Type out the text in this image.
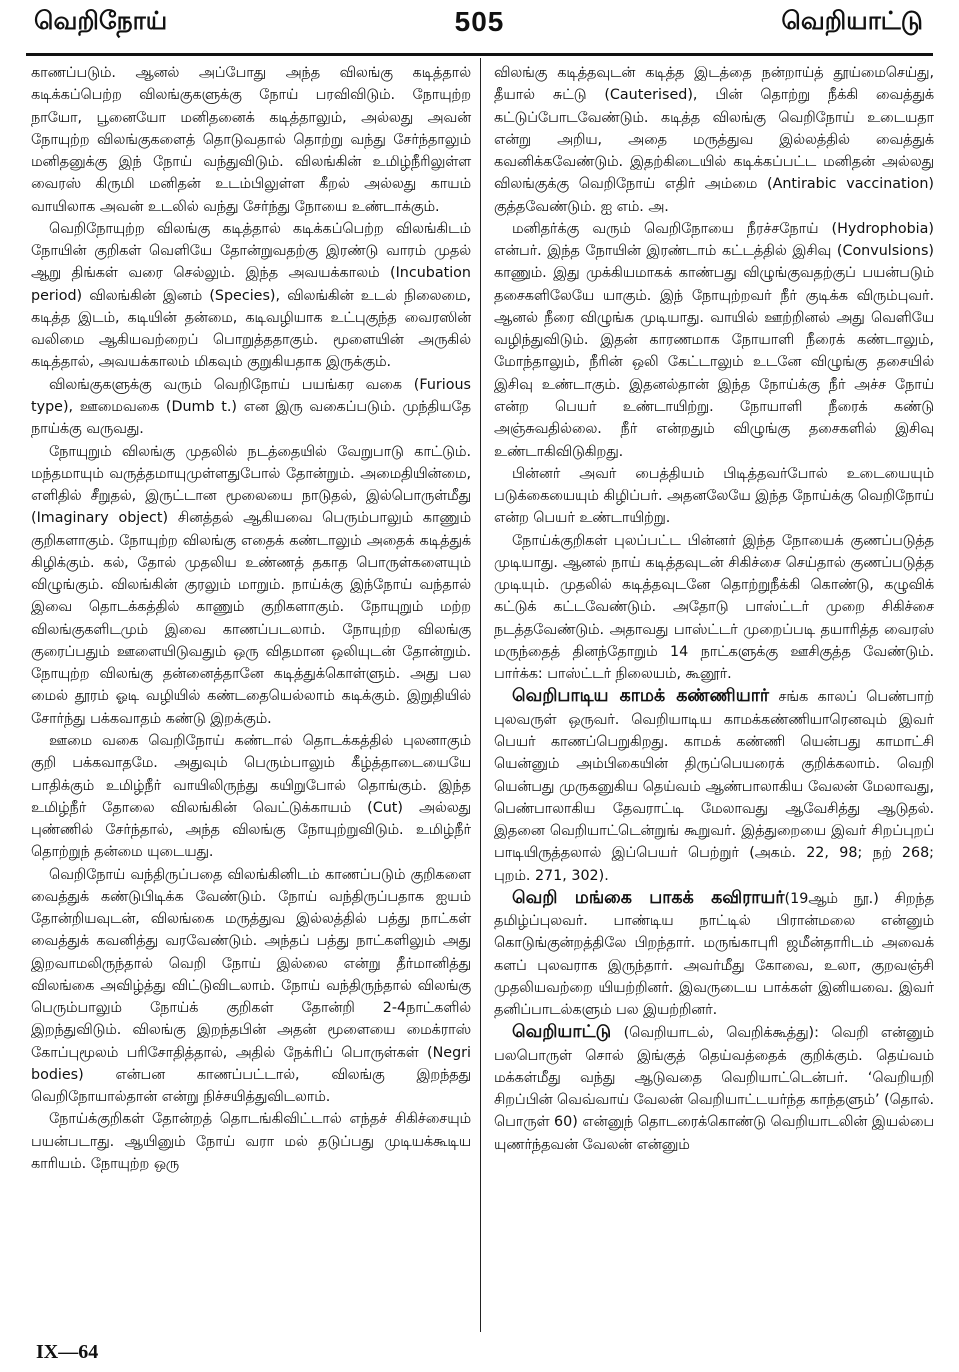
வெறிநோய்	505	வெறியாட்டு

காணப்படும். ஆனல் அப்போது அந்த விலங்கு கடித்தால் கடிக்கப்பெற்ற விலங்குகளுக்கு நோய் பரவிவிடும். நோயுற்ற நாயோ, பூனையோ மனிதனைக் கடித்தாலும், அல்லது அவன் நோயுற்ற விலங்குகளைத் தொடுவதால் தொற்று வந்து சேர்ந்தாலும் மனிதனுக்கு இந் நோய் வந்துவிடும். விலங்கின் உமிழ்நீரிலுள்ள வைரஸ் கிருமி மனிதன் உடம்பிலுள்ள கீறல் அல்லது காயம் வாயிலாக அவன் உடலில் வந்து சேர்ந்து நோயை உண்டாக்கும்.

வெறிநோயுற்ற விலங்கு கடித்தால் கடிக்கப்பெற்ற விலங்கிடம் நோயின் குறிகள் வெளியே தோன்றுவதற்கு இரண்டு வாரம் முதல் ஆறு திங்கள் வரை செல்லும். இந்த அவயக்காலம் (Incubation period) விலங்கின் இனம் (Species), விலங்கின் உடல் நிலைமை, கடித்த இடம், கடியின் தன்மை, கடிவழியாக உட்புகுந்த வைரஸின் வலிமை ஆகியவற்றைப் பொறுத்ததாகும். மூளையின் அருகில் கடித்தால், அவயக்காலம் மிகவும் குறுகியதாக இருக்கும்.

விலங்குகளுக்கு வரும் வெறிநோய் பயங்கர வகை (Furious type), ஊமைவகை (Dumb t.) என இரு வகைப்படும். முந்தியதே நாய்க்கு வருவது.

நோயுறும் விலங்கு முதலில் நடத்தையில் வேறுபாடு காட்டும். மந்தமாயும் வருத்தமாயுமுள்ளதுபோல் தோன்றும். அமைதியின்மை, எளிதில் சீறுதல், இருட்டான மூலையை நாடுதல், இல்பொருள்மீது (Imaginary object) சினத்தல் ஆகியவை பெரும்பாலும் காணும் குறிகளாகும். நோயுற்ற விலங்கு எதைக் கண்டாலும் அதைக் கடித்துக் கிழிக்கும். கல், தோல் முதலிய உண்ணத் தகாத பொருள்களையும் விழுங்கும். விலங்கின் குரலும் மாறும். நாய்க்கு இந்நோய் வந்தால் இவை தொடக்கத்தில் காணும் குறிகளாகும். நோயுறும் மற்ற விலங்குகளிடமும் இவை காணப்படலாம். நோயுற்ற விலங்கு குரைப்பதும் ஊளையிடுவதும் ஒரு விதமான ஒலியுடன் தோன்றும். நோயுற்ற விலங்கு தன்னைத்தானே கடித்துக்கொள்ளும். அது பல மைல் தூரம் ஓடி வழியில் கண்டதையெல்லாம் கடிக்கும். இறுதியில் சோர்ந்து பக்கவாதம் கண்டு இறக்கும்.

ஊமை வகை வெறிநோய் கண்டால் தொடக்கத்தில் புலனாகும் குறி பக்கவாதமே. அதுவும் பெரும்பாலும் கீழ்த்தாடையையே பாதிக்கும் உமிழ்நீர் வாயிலிருந்து கயிறுபோல் தொங்கும். இந்த உமிழ்நீர் தோலை விலங்கின் வெட்டுக்காயம் (Cut) அல்லது புண்ணில் சேர்ந்தால், அந்த விலங்கு நோயுற்றுவிடும். உமிழ்நீர் தொற்றுந் தன்மை யுடையது.

வெறிநோய் வந்திருப்பதை விலங்கினிடம் காணப்படும் குறிகளை வைத்துக் கண்டுபிடிக்க வேண்டும். நோய் வந்திருப்பதாக ஐயம் தோன்றியவுடன், விலங்கை மருத்துவ இல்லத்தில் பத்து நாட்கள் வைத்துக் கவனித்து வரவேண்டும். அந்தப் பத்து நாட்களிலும் அது இறவாமலிருந்தால் வெறி நோய் இல்லை என்று தீர்மானித்து விலங்கை அவிழ்த்து விட்டுவிடலாம். நோய் வந்திருந்தால் விலங்கு பெரும்பாலும் நோய்க் குறிகள் தோன்றி 2-4நாட்களில் இறந்துவிடும். விலங்கு இறந்தபின் அதன் மூளையை மைக்ராஸ் கோப்புமூலம் பரிசோதித்தால், அதில் நேக்ரிப் பொருள்கள் (Negri bodies) என்பன காணப்பட்டால், விலங்கு இறந்தது வெறிநோயால்தான் என்று நிச்சயித்துவிடலாம்.

நோய்க்குறிகள் தோன்றத் தொடங்கிவிட்டால் எந்தச் சிகிச்சையும் பயன்படாது. ஆயினும் நோய் வரா மல் தடுப்பது முடியக்கூடிய காரியம். நோயுற்ற ஒரு

விலங்கு கடித்தவுடன் கடித்த இடத்தை நன்றாய்த் தூய்மைசெய்து, தீயால் சுட்டு (Cauterised), பின் தொற்று நீக்கி வைத்துக் கட்டுப்போடவேண்டும். கடித்த விலங்கு வெறிநோய் உடையதா என்று அறிய, அதை மருத்துவ இல்லத்தில் வைத்துக் கவனிக்கவேண்டும். இதற்கிடையில் கடிக்கப்பட்ட மனிதன் அல்லது விலங்குக்கு வெறிநோய் எதிர் அம்மை (Antirabic vaccination) குத்தவேண்டும். ஐ எம். அ.

மனிதர்க்கு வரும் வெறிநோயை நீரச்சநோய் (Hydrophobia) என்பர். இந்த நோயின் இரண்டாம் கட்டத்தில் இசிவு (Convulsions) காணும். இது முக்கியமாகக் காண்பது விழுங்குவதற்குப் பயன்படும் தசைகளிலேயே யாகும். இந் நோயுற்றவர் நீர் குடிக்க விரும்புவர். ஆனல் நீரை விழுங்க முடியாது. வாயில் ஊற்றினல் அது வெளியே வழிந்துவிடும். இதன் காரணமாக நோயாளி நீரைக் கண்டாலும், மோந்தாலும், நீரின் ஒலி கேட்டாலும் உடனே விழுங்கு தசையில் இசிவு உண்டாகும். இதனல்தான் இந்த நோய்க்கு நீர் அச்ச நோய் என்ற பெயர் உண்டாயிற்று. நோயாளி நீரைக் கண்டு அஞ்சுவதில்லை. நீர் என்றதும் விழுங்கு தசைகளில் இசிவு உண்டாகிவிடுகிறது.

பின்னர் அவர் பைத்தியம் பிடித்தவர்போல் உடையையும் படுக்கையையும் கிழிப்பர். அதனலேயே இந்த நோய்க்கு வெறிநோய் என்ற பெயர் உண்டாயிற்று.

நோய்க்குறிகள் புலப்பட்ட பின்னர் இந்த நோயைக் குணப்படுத்த முடியாது. ஆனல் நாய் கடித்தவுடன் சிகிச்சை செய்தால் குணப்படுத்த முடியும். முதலில் கடித்தவுடனே தொற்றுநீக்கி கொண்டு, கழுவிக் கட்டுக் கட்டவேண்டும். அதோடு பாஸ்ட்டர் முறை சிகிச்சை நடத்தவேண்டும். அதாவது பாஸ்ட்டர் முறைப்படி தயாரித்த வைரஸ் மருந்தைத் தினந்தோறும் 14 நாட்களுக்கு ஊசிகுத்த வேண்டும். பார்க்க: பாஸ்ட்டர் நிலையம், கூனூர்.

வெறிபாடிய காமக் கண்ணியார் சங்க காலப் பெண்பாற் புலவருள் ஒருவர். வெறியாடிய காமக்கண்ணியாரெனவும் இவர் பெயர் காணப்பெறுகிறது. காமக் கண்ணி யென்பது காமாட்சி யென்னும் அம்பிகையின் திருப்பெயரைக் குறிக்கலாம். வெறி யென்பது முருகனுகிய தெய்வம் ஆண்பாலாகிய வேலன் மேலாவது, பெண்பாலாகிய தேவராட்டி மேலாவது ஆவேசித்து ஆடுதல். இதனை வெறியாட்டென்றுங் கூறுவர். இத்துறையை இவர் சிறப்புறப் பாடியிருத்தலால் இப்பெயர் பெற்றுர் (அகம். 22, 98; நற் 268; புறம். 271, 302).

வெறி மங்கை பாகக் கவிராயர்(19ஆம் நூ.) சிறந்த தமிழ்ப்புலவர். பாண்டிய நாட்டில் பிரான்மலை என்னும் கொடுங்குன்றத்திலே பிறந்தார். மருங்காபுரி ஜமீன்தாரிடம் அவைக் களப் புலவராக இருந்தார். அவர்மீது கோவை, உலா, குறவஞ்சி முதலியவற்றை யியற்றினர். இவருடைய பாக்கள் இனியவை. இவர் தனிப்பாடல்களும் பல இயற்றினர்.

வெறியாட்டு (வெறியாடல், வெறிக்கூத்து): வெறி என்னும் பலபொருள் சொல் இங்குத் தெய்வத்தைக் குறிக்கும். தெய்வம் மக்கள்மீது வந்து ஆடுவதை வெறியாட்டென்பர். ‘வெறியறி சிறப்பின் வெவ்வாய் வேலன் வெறியாட்டயர்ந்த காந்தளும்’ (தொல். பொருள் 60) என்னுந் தொடரைக்கொண்டு வெறியாடலின் இயல்பை யுணர்ந்தவன் வேலன் என்னும்

IX—64
